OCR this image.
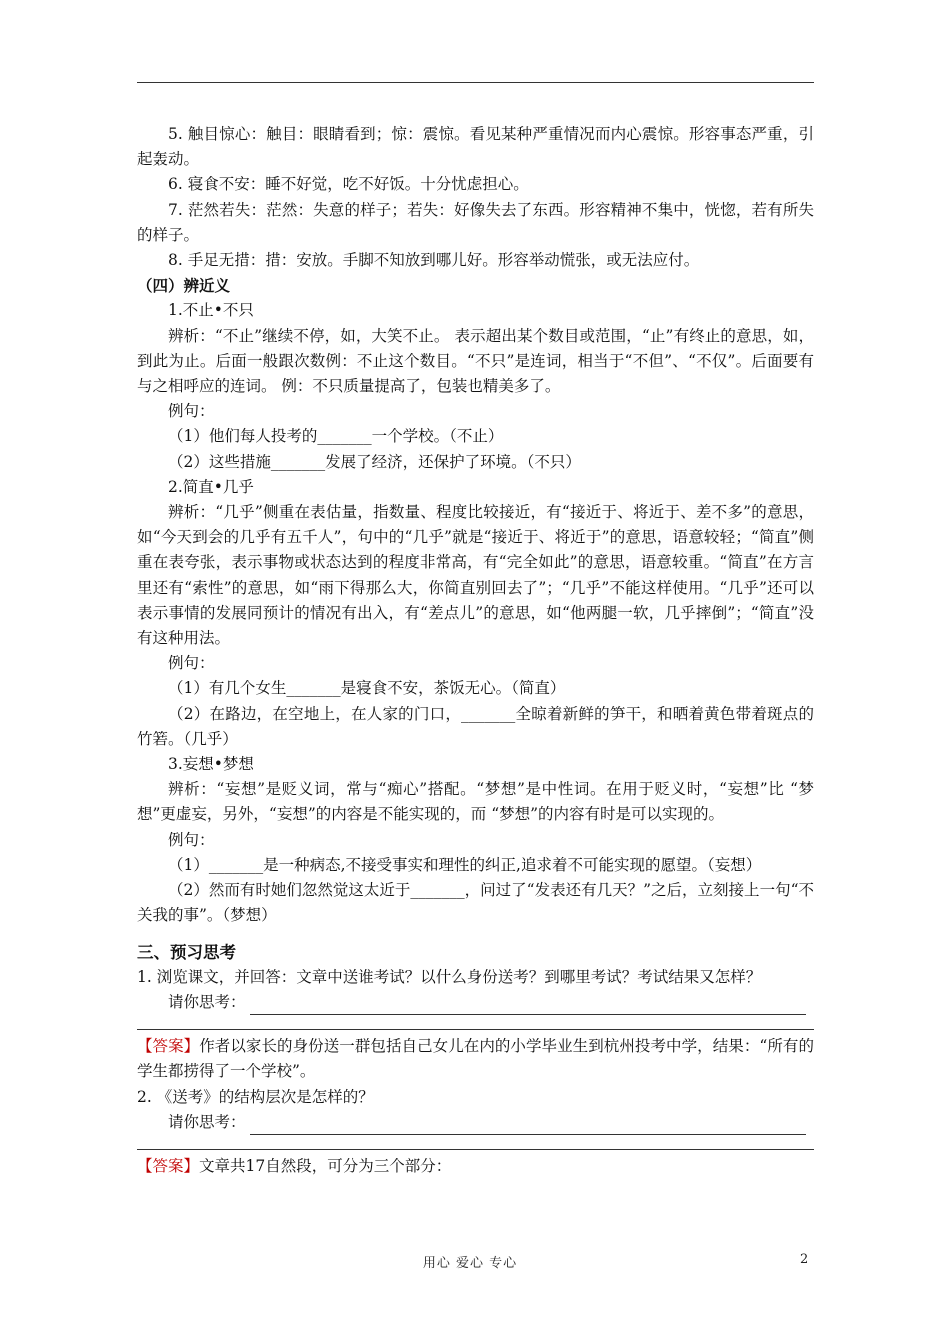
5. 触目惊心：触目：眼睛看到；惊：震惊。看见某种严重情况而内心震惊。形容事态严重，引起轰动。

6. 寝食不安：睡不好觉，吃不好饭。十分忧虑担心。

7. 茫然若失：茫然：失意的样子；若失：好像失去了东西。形容精神不集中，恍惚，若有所失的样子。

8. 手足无措：措：安放。手脚不知放到哪儿好。形容举动慌张，或无法应付。

（四）辨近义

1.不止•不只

辨析：“不止”继续不停，如，大笑不止。 表示超出某个数目或范围，“止”有终止的意思，如，到此为止。后面一般跟次数例：不止这个数目。“不只”是连词，相当于“不但”、“不仅”。后面要有与之相呼应的连词。 例：不只质量提高了，包装也精美多了。

例句：

（1）他们每人投考的_______一个学校。（不止）

（2）这些措施_______发展了经济，还保护了环境。（不只）

2.简直•几乎

辨析：“几乎”侧重在表估量，指数量、程度比较接近，有“接近于、将近于、差不多”的意思，如“今天到会的几乎有五千人”，句中的“几乎”就是“接近于、将近于”的意思，语意较轻；“简直”侧重在表夸张，表示事物或状态达到的程度非常高，有“完全如此”的意思，语意较重。“简直”在方言里还有“索性”的意思，如“雨下得那么大，你简直别回去了”；“几乎”不能这样使用。“几乎”还可以表示事情的发展同预计的情况有出入，有“差点儿”的意思，如“他两腿一软，几乎摔倒”；“简直”没有这种用法。

例句：

（1）有几个女生_______是寝食不安，茶饭无心。（简直）

（2）在路边，在空地上，在人家的门口，_______全晾着新鲜的笋干，和晒着黄色带着斑点的竹箬。（几乎）

3.妄想•梦想

辨析：“妄想”是贬义词，常与“痴心”搭配。“梦想”是中性词。在用于贬义时，“妄想”比 “梦想”更虚妄，另外，“妄想”的内容是不能实现的，而 “梦想”的内容有时是可以实现的。

例句：

（1）_______是一种病态,不接受事实和理性的纠正,追求着不可能实现的愿望。（妄想）

（2）然而有时她们忽然觉这太近于_______，问过了“发表还有几天？”之后，立刻接上一句“不关我的事”。（梦想）

三、预习思考

1. 浏览课文，并回答：文章中送谁考试？以什么身份送考？到哪里考试？考试结果又怎样？

请你思考：

【答案】作者以家长的身份送一群包括自己女儿在内的小学毕业生到杭州投考中学，结果：“所有的学生都捞得了一个学校”。

2. 《送考》的结构层次是怎样的？

请你思考：

【答案】文章共17自然段，可分为三个部分：

用心 爱心 专心	2
